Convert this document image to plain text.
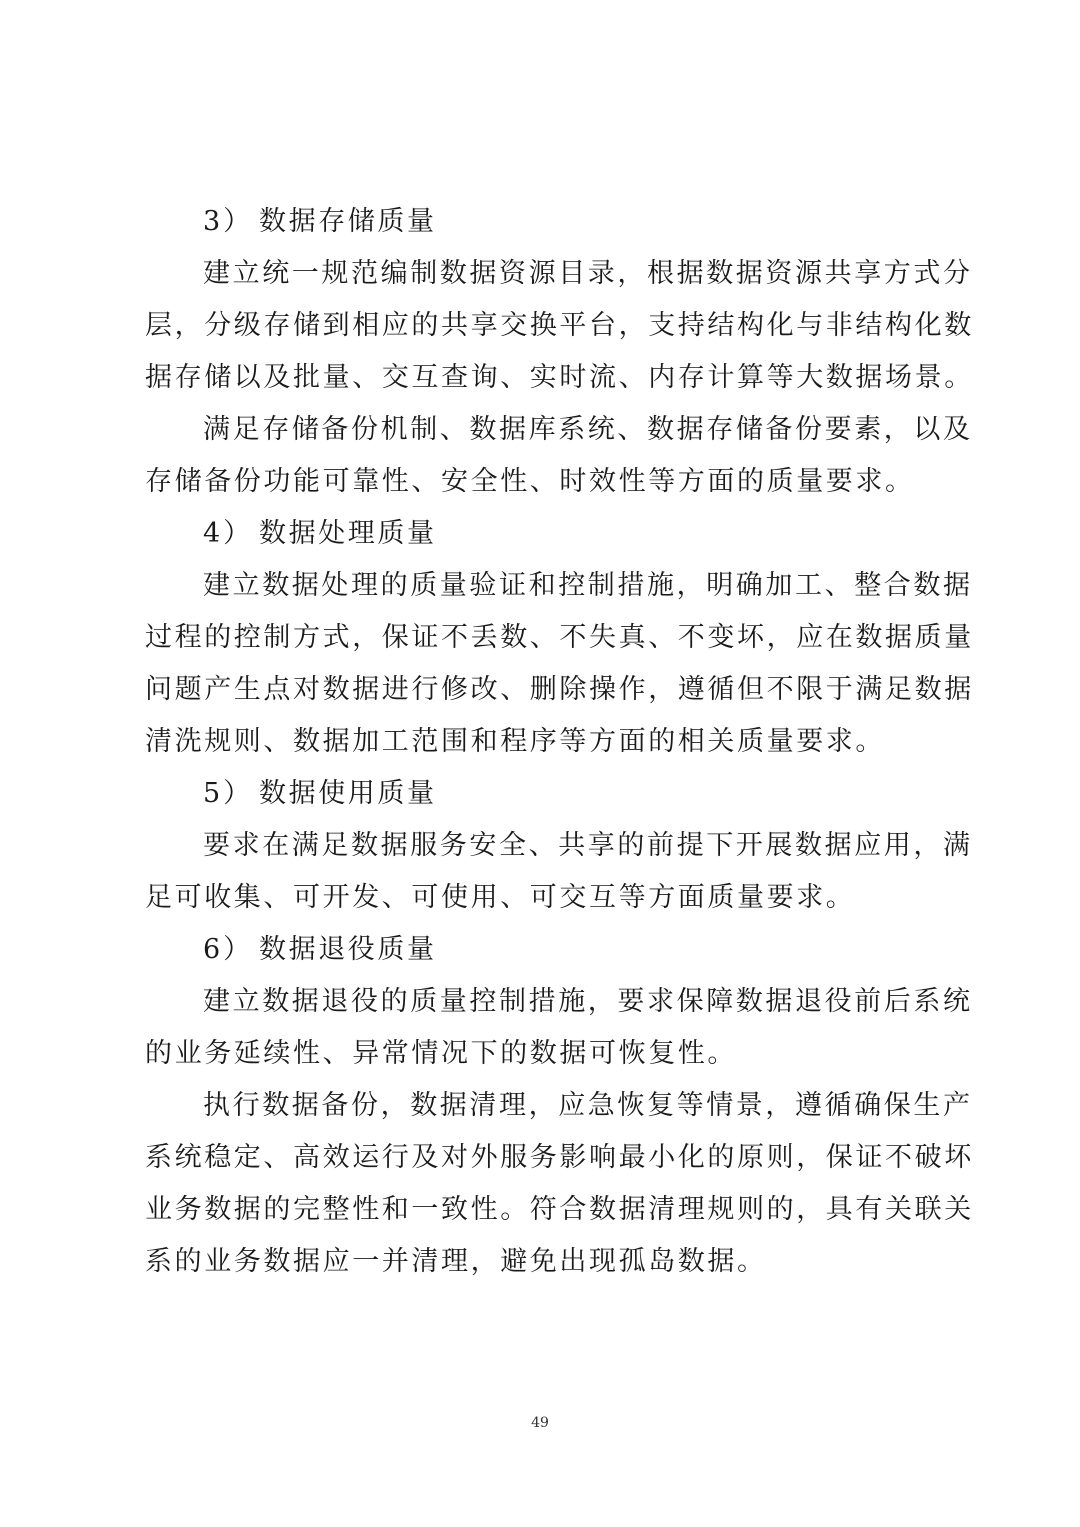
3） 数据存储质量
建立统一规范编制数据资源目录，根据数据资源共享方式分
层，分级存储到相应的共享交换平台，支持结构化与非结构化数
据存储以及批量、交互查询、实时流、内存计算等大数据场景。
满足存储备份机制、数据库系统、数据存储备份要素，以及
存储备份功能可靠性、安全性、时效性等方面的质量要求。
4） 数据处理质量
建立数据处理的质量验证和控制措施，明确加工、整合数据
过程的控制方式，保证不丢数、不失真、不变坏，应在数据质量
问题产生点对数据进行修改、删除操作，遵循但不限于满足数据
清洗规则、数据加工范围和程序等方面的相关质量要求。
5） 数据使用质量
要求在满足数据服务安全、共享的前提下开展数据应用，满
足可收集、可开发、可使用、可交互等方面质量要求。
6） 数据退役质量
建立数据退役的质量控制措施，要求保障数据退役前后系统
的业务延续性、异常情况下的数据可恢复性。
执行数据备份，数据清理，应急恢复等情景，遵循确保生产
系统稳定、高效运行及对外服务影响最小化的原则，保证不破坏
业务数据的完整性和一致性。符合数据清理规则的，具有关联关
系的业务数据应一并清理，避免出现孤岛数据。
49
